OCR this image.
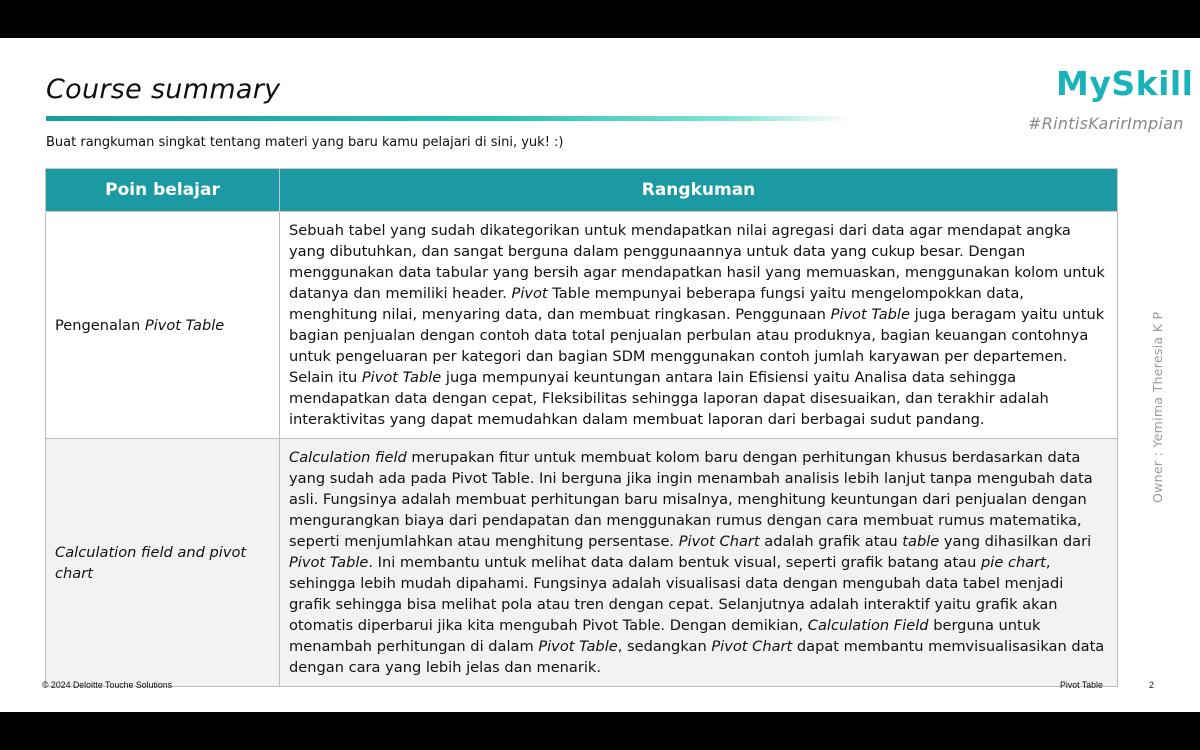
Course summary
Buat rangkuman singkat tentang materi yang baru kamu pelajari di sini, yuk! :)
MySkill
#RintisKarirImpian
Poin belajar	Rangkuman
Pengenalan Pivot Table	Sebuah tabel yang sudah dikategorikan untuk mendapatkan nilai agregasi dari data agar mendapat angka yang dibutuhkan, dan sangat berguna dalam penggunaannya untuk data yang cukup besar. Dengan menggunakan data tabular yang bersih agar mendapatkan hasil yang memuaskan, menggunakan kolom untuk datanya dan memiliki header. Pivot Table mempunyai beberapa fungsi yaitu mengelompokkan data, menghitung nilai, menyaring data, dan membuat ringkasan. Penggunaan Pivot Table juga beragam yaitu untuk bagian penjualan dengan contoh data total penjualan perbulan atau produknya, bagian keuangan contohnya untuk pengeluaran per kategori dan bagian SDM menggunakan contoh jumlah karyawan per departemen. Selain itu Pivot Table juga mempunyai keuntungan antara lain Efisiensi yaitu Analisa data sehingga mendapatkan data dengan cepat, Fleksibilitas sehingga laporan dapat disesuaikan, dan terakhir adalah interaktivitas yang dapat memudahkan dalam membuat laporan dari berbagai sudut pandang.
Calculation field and pivot chart	Calculation field merupakan fitur untuk membuat kolom baru dengan perhitungan khusus berdasarkan data yang sudah ada pada Pivot Table. Ini berguna jika ingin menambah analisis lebih lanjut tanpa mengubah data asli. Fungsinya adalah membuat perhitungan baru misalnya, menghitung keuntungan dari penjualan dengan mengurangkan biaya dari pendapatan dan menggunakan rumus dengan cara membuat rumus matematika, seperti menjumlahkan atau menghitung persentase. Pivot Chart adalah grafik atau table yang dihasilkan dari Pivot Table. Ini membantu untuk melihat data dalam bentuk visual, seperti grafik batang atau pie chart, sehingga lebih mudah dipahami. Fungsinya adalah visualisasi data dengan mengubah data tabel menjadi grafik sehingga bisa melihat pola atau tren dengan cepat. Selanjutnya adalah interaktif yaitu grafik akan otomatis diperbarui jika kita mengubah Pivot Table. Dengan demikian, Calculation Field berguna untuk menambah perhitungan di dalam Pivot Table, sedangkan Pivot Chart dapat membantu memvisualisasikan data dengan cara yang lebih jelas dan menarik.
Owner : Yemima Theresia K P
© 2024 Deloitte Touche Solutions	Pivot Table	2
